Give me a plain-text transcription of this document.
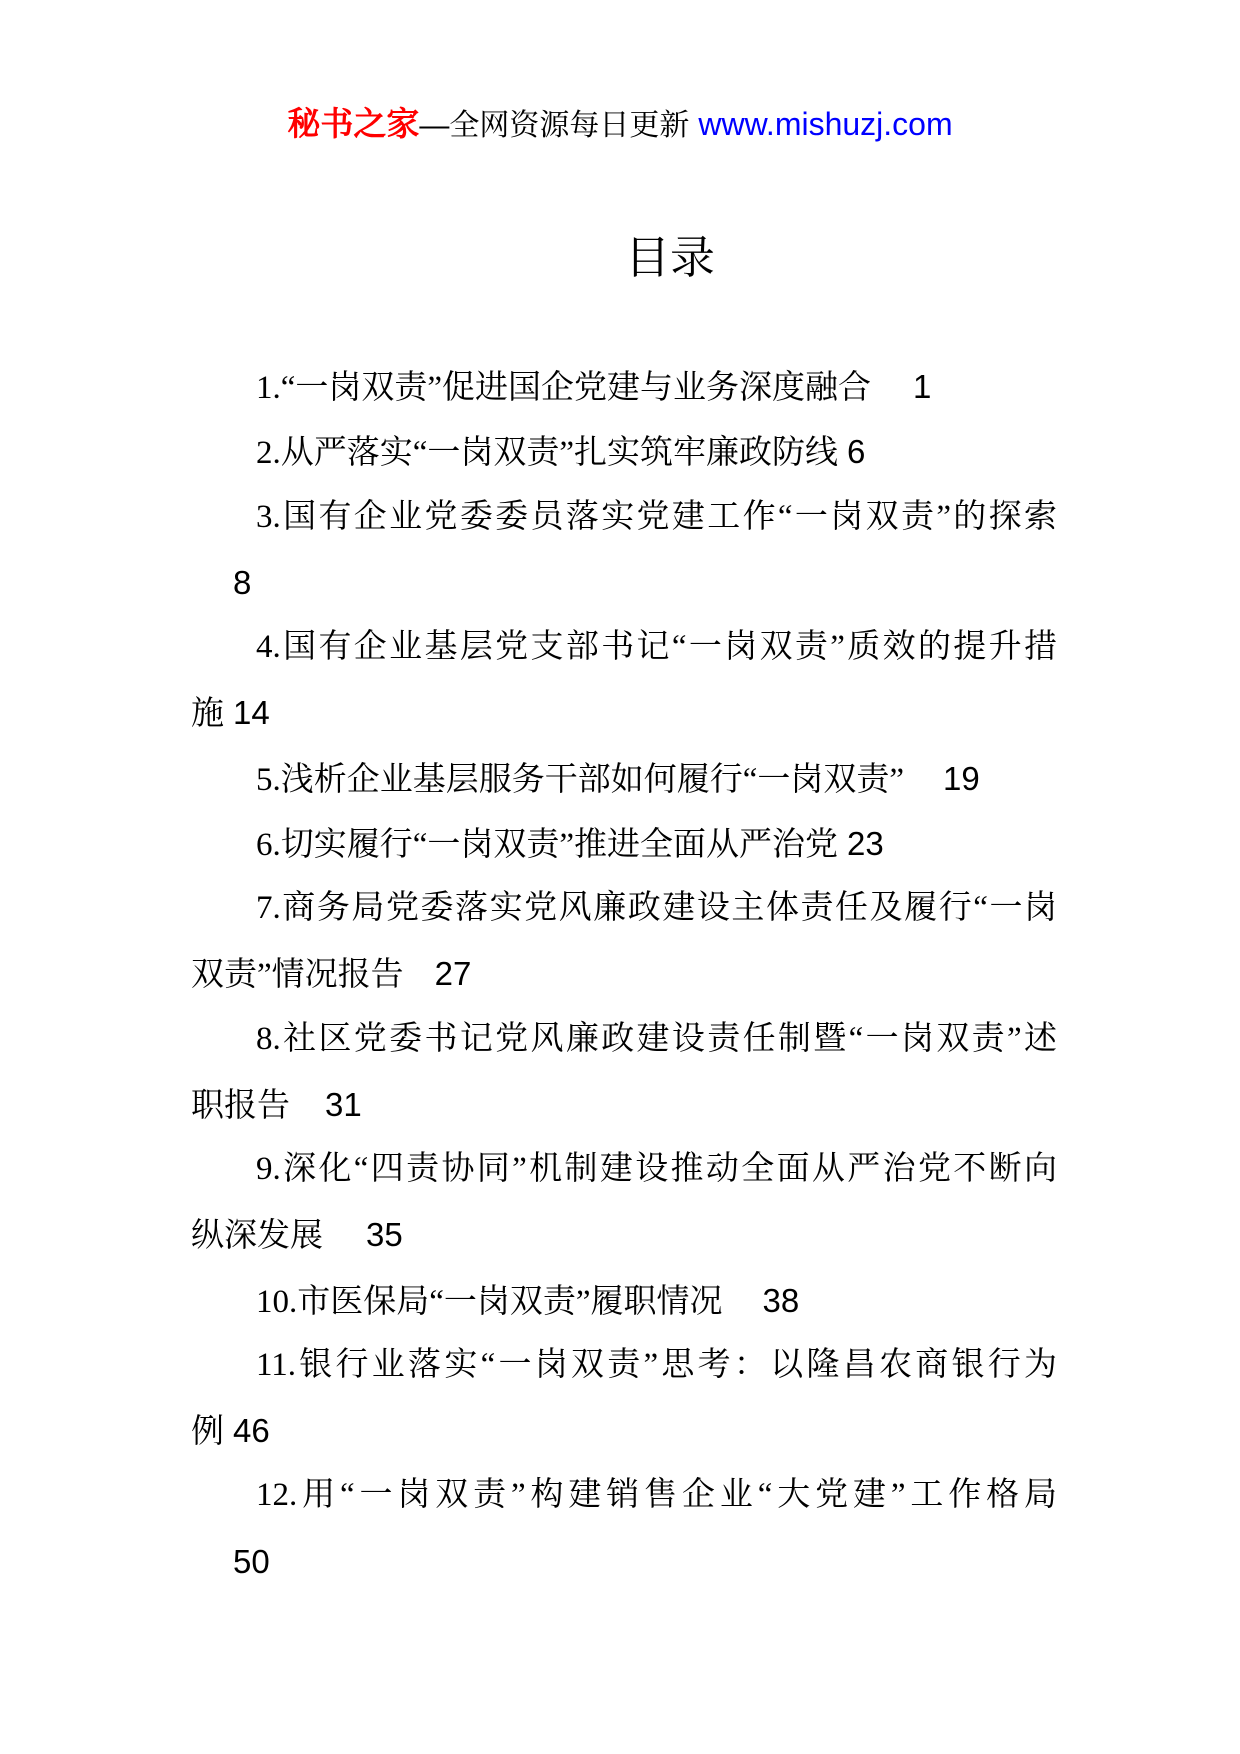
秘书之家—全网资源每日更新 www.mishuzj.com
目录
1.“一岗双责”促进国企党建与业务深度融合 1
2.从严落实“一岗双责”扎实筑牢廉政防线 6
3.国有企业党委委员落实党建工作“一岗双责”的探索
8
4.国有企业基层党支部书记“一岗双责”质效的提升措
施 14
5.浅析企业基层服务干部如何履行“一岗双责” 19
6.切实履行“一岗双责”推进全面从严治党 23
7.商务局党委落实党风廉政建设主体责任及履行“一岗
双责”情况报告 27
8.社区党委书记党风廉政建设责任制暨“一岗双责”述
职报告 31
9.深化“四责协同”机制建设推动全面从严治党不断向
纵深发展 35
10.市医保局“一岗双责”履职情况 38
11.银行业落实“一岗双责”思考：以隆昌农商银行为
例 46
12.用“一岗双责”构建销售企业“大党建”工作格局
50
